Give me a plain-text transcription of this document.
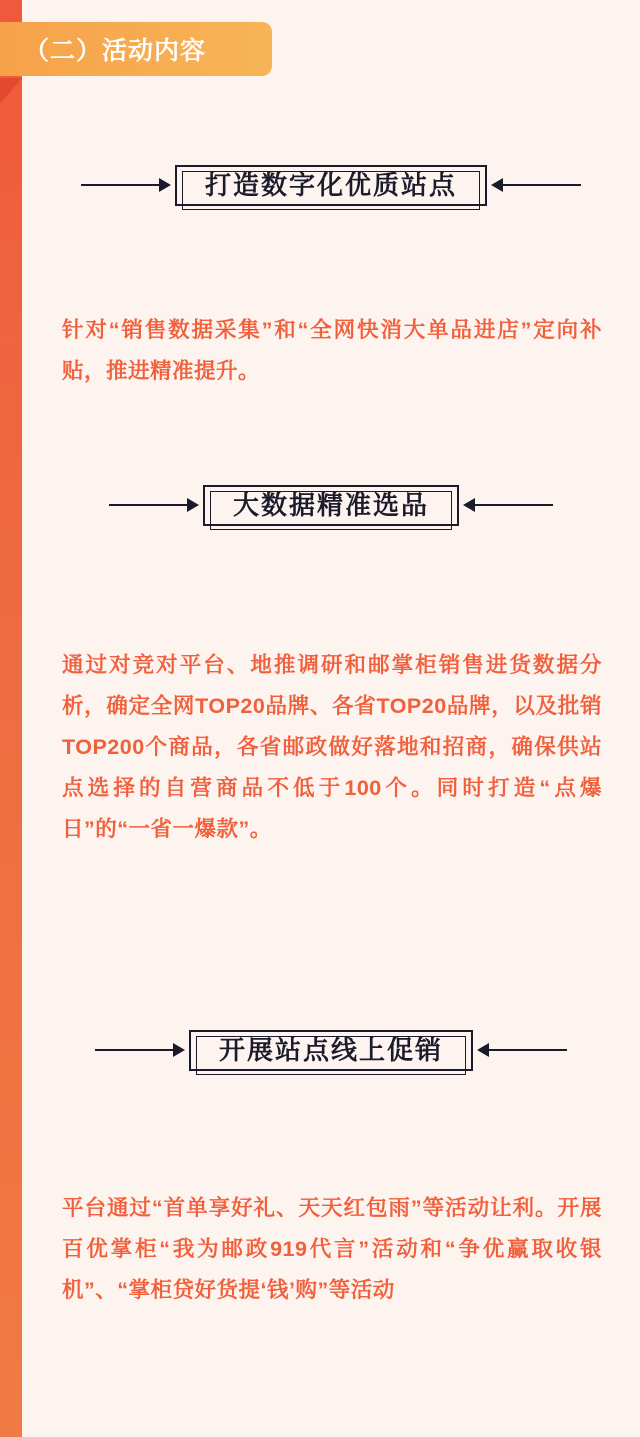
（二）活动内容
打造数字化优质站点
针对“销售数据采集”和“全网快消大单品进店”定向补贴，推进精准提升。
大数据精准选品
通过对竞对平台、地推调研和邮掌柜销售进货数据分析，确定全网TOP20品牌、各省TOP20品牌，以及批销TOP200个商品，各省邮政做好落地和招商，确保供站点选择的自营商品不低于100个。同时打造“点爆日”的“一省一爆款”。
开展站点线上促销
平台通过“首单享好礼、天天红包雨”等活动让利。开展百优掌柜“我为邮政919代言”活动和“争优赢取收银机”、“掌柜贷好货提‘钱’购”等活动
